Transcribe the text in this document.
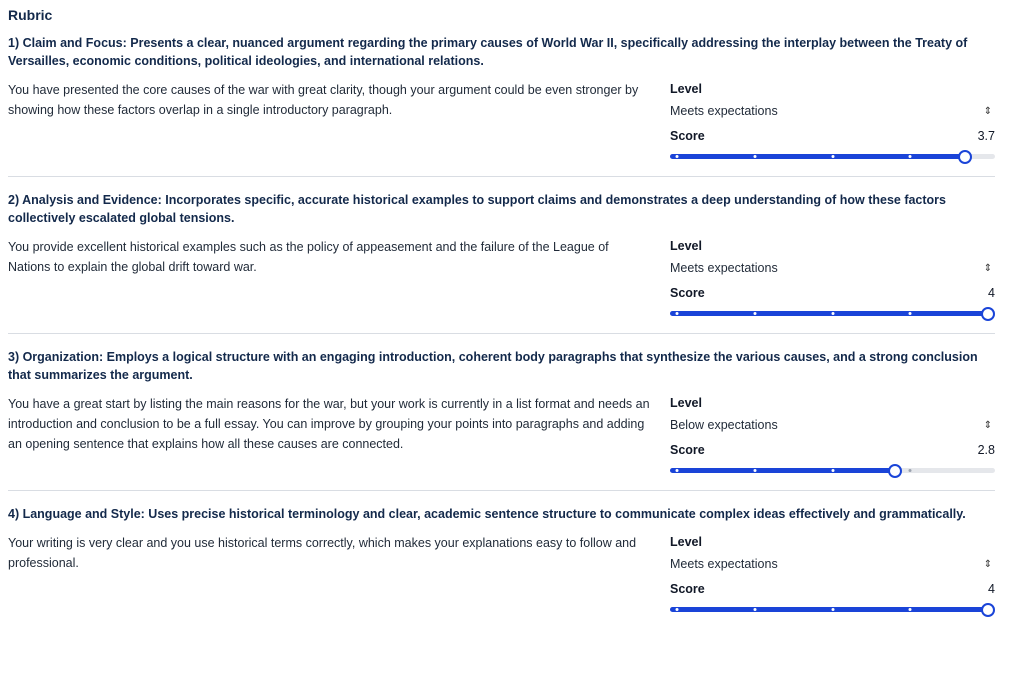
Rubric
1) Claim and Focus: Presents a clear, nuanced argument regarding the primary causes of World War II, specifically addressing the interplay between the Treaty of Versailles, economic conditions, political ideologies, and international relations.
You have presented the core causes of the war with great clarity, though your argument could be even stronger by showing how these factors overlap in a single introductory paragraph.
Level
Meets expectations	⇕
Score	3.7
2) Analysis and Evidence: Incorporates specific, accurate historical examples to support claims and demonstrates a deep understanding of how these factors collectively escalated global tensions.
You provide excellent historical examples such as the policy of appeasement and the failure of the League of Nations to explain the global drift toward war.
Level
Meets expectations	⇕
Score	4
3) Organization: Employs a logical structure with an engaging introduction, coherent body paragraphs that synthesize the various causes, and a strong conclusion that summarizes the argument.
You have a great start by listing the main reasons for the war, but your work is currently in a list format and needs an introduction and conclusion to be a full essay. You can improve by grouping your points into paragraphs and adding an opening sentence that explains how all these causes are connected.
Level
Below expectations	⇕
Score	2.8
4) Language and Style: Uses precise historical terminology and clear, academic sentence structure to communicate complex ideas effectively and grammatically.
Your writing is very clear and you use historical terms correctly, which makes your explanations easy to follow and professional.
Level
Meets expectations	⇕
Score	4
